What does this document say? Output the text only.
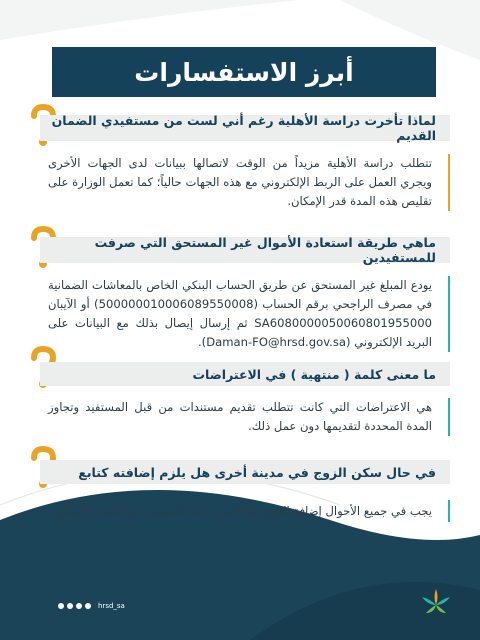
أبرز الاستفسارات
لماذا تأخرت دراسة الأهلية رغم أني لست من مستفيدي الضمان القديم
تتطلب دراسة الأهلية مزيداً من الوقت لاتصالها ببيانات لدى الجهات الأخرى ويجري العمل على الربط الإلكتروني مع هذه الجهات حالياً؛ كما تعمل الوزارة على تقليص هذه المدة قدر الإمكان.
ماهي طريقة استعادة الأموال غير المستحق التي صرفت للمستفيدين
يودع المبلغ غير المستحق عن طريق الحساب البنكي الخاص بالمعاشات الضمانية في مصرف الراجحي برقم الحساب (500000010006089550008) أو الآيبان SA6080000050060801955000 ثم إرسال إيصال بذلك مع البيانات على البريد الإلكتروني (Daman-FO@hrsd.gov.sa).
ما معنى كلمة ( منتهية ) في الاعتراضات
هي الاعتراضات التي كانت تتطلب تقديم مستندات من قبل المستفيد وتجاوز المدة المحددة لتقديمها دون عمل ذلك.
في حال سكن الزوج في مدينة أخرى هل يلزم إضافته كتابع
يجب في جميع الأحوال إضافة الزوج مع الأسرة أثناء التسجيل في النظام المطور.
hrsd_sa
